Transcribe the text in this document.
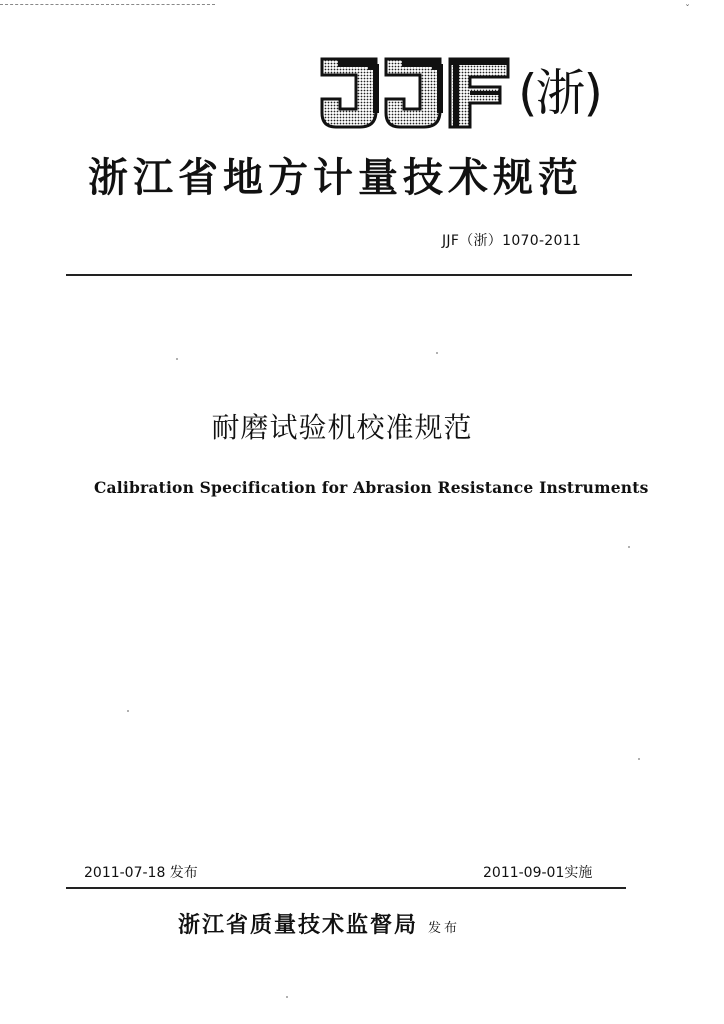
ˇ
(浙)
浙江省地方计量技术规范
JJF（浙）1070-2011
耐磨试验机校准规范
Calibration Specification for Abrasion Resistance Instruments
2011-07-18 发布	2011-09-01实施
浙江省质量技术监督局 发布
